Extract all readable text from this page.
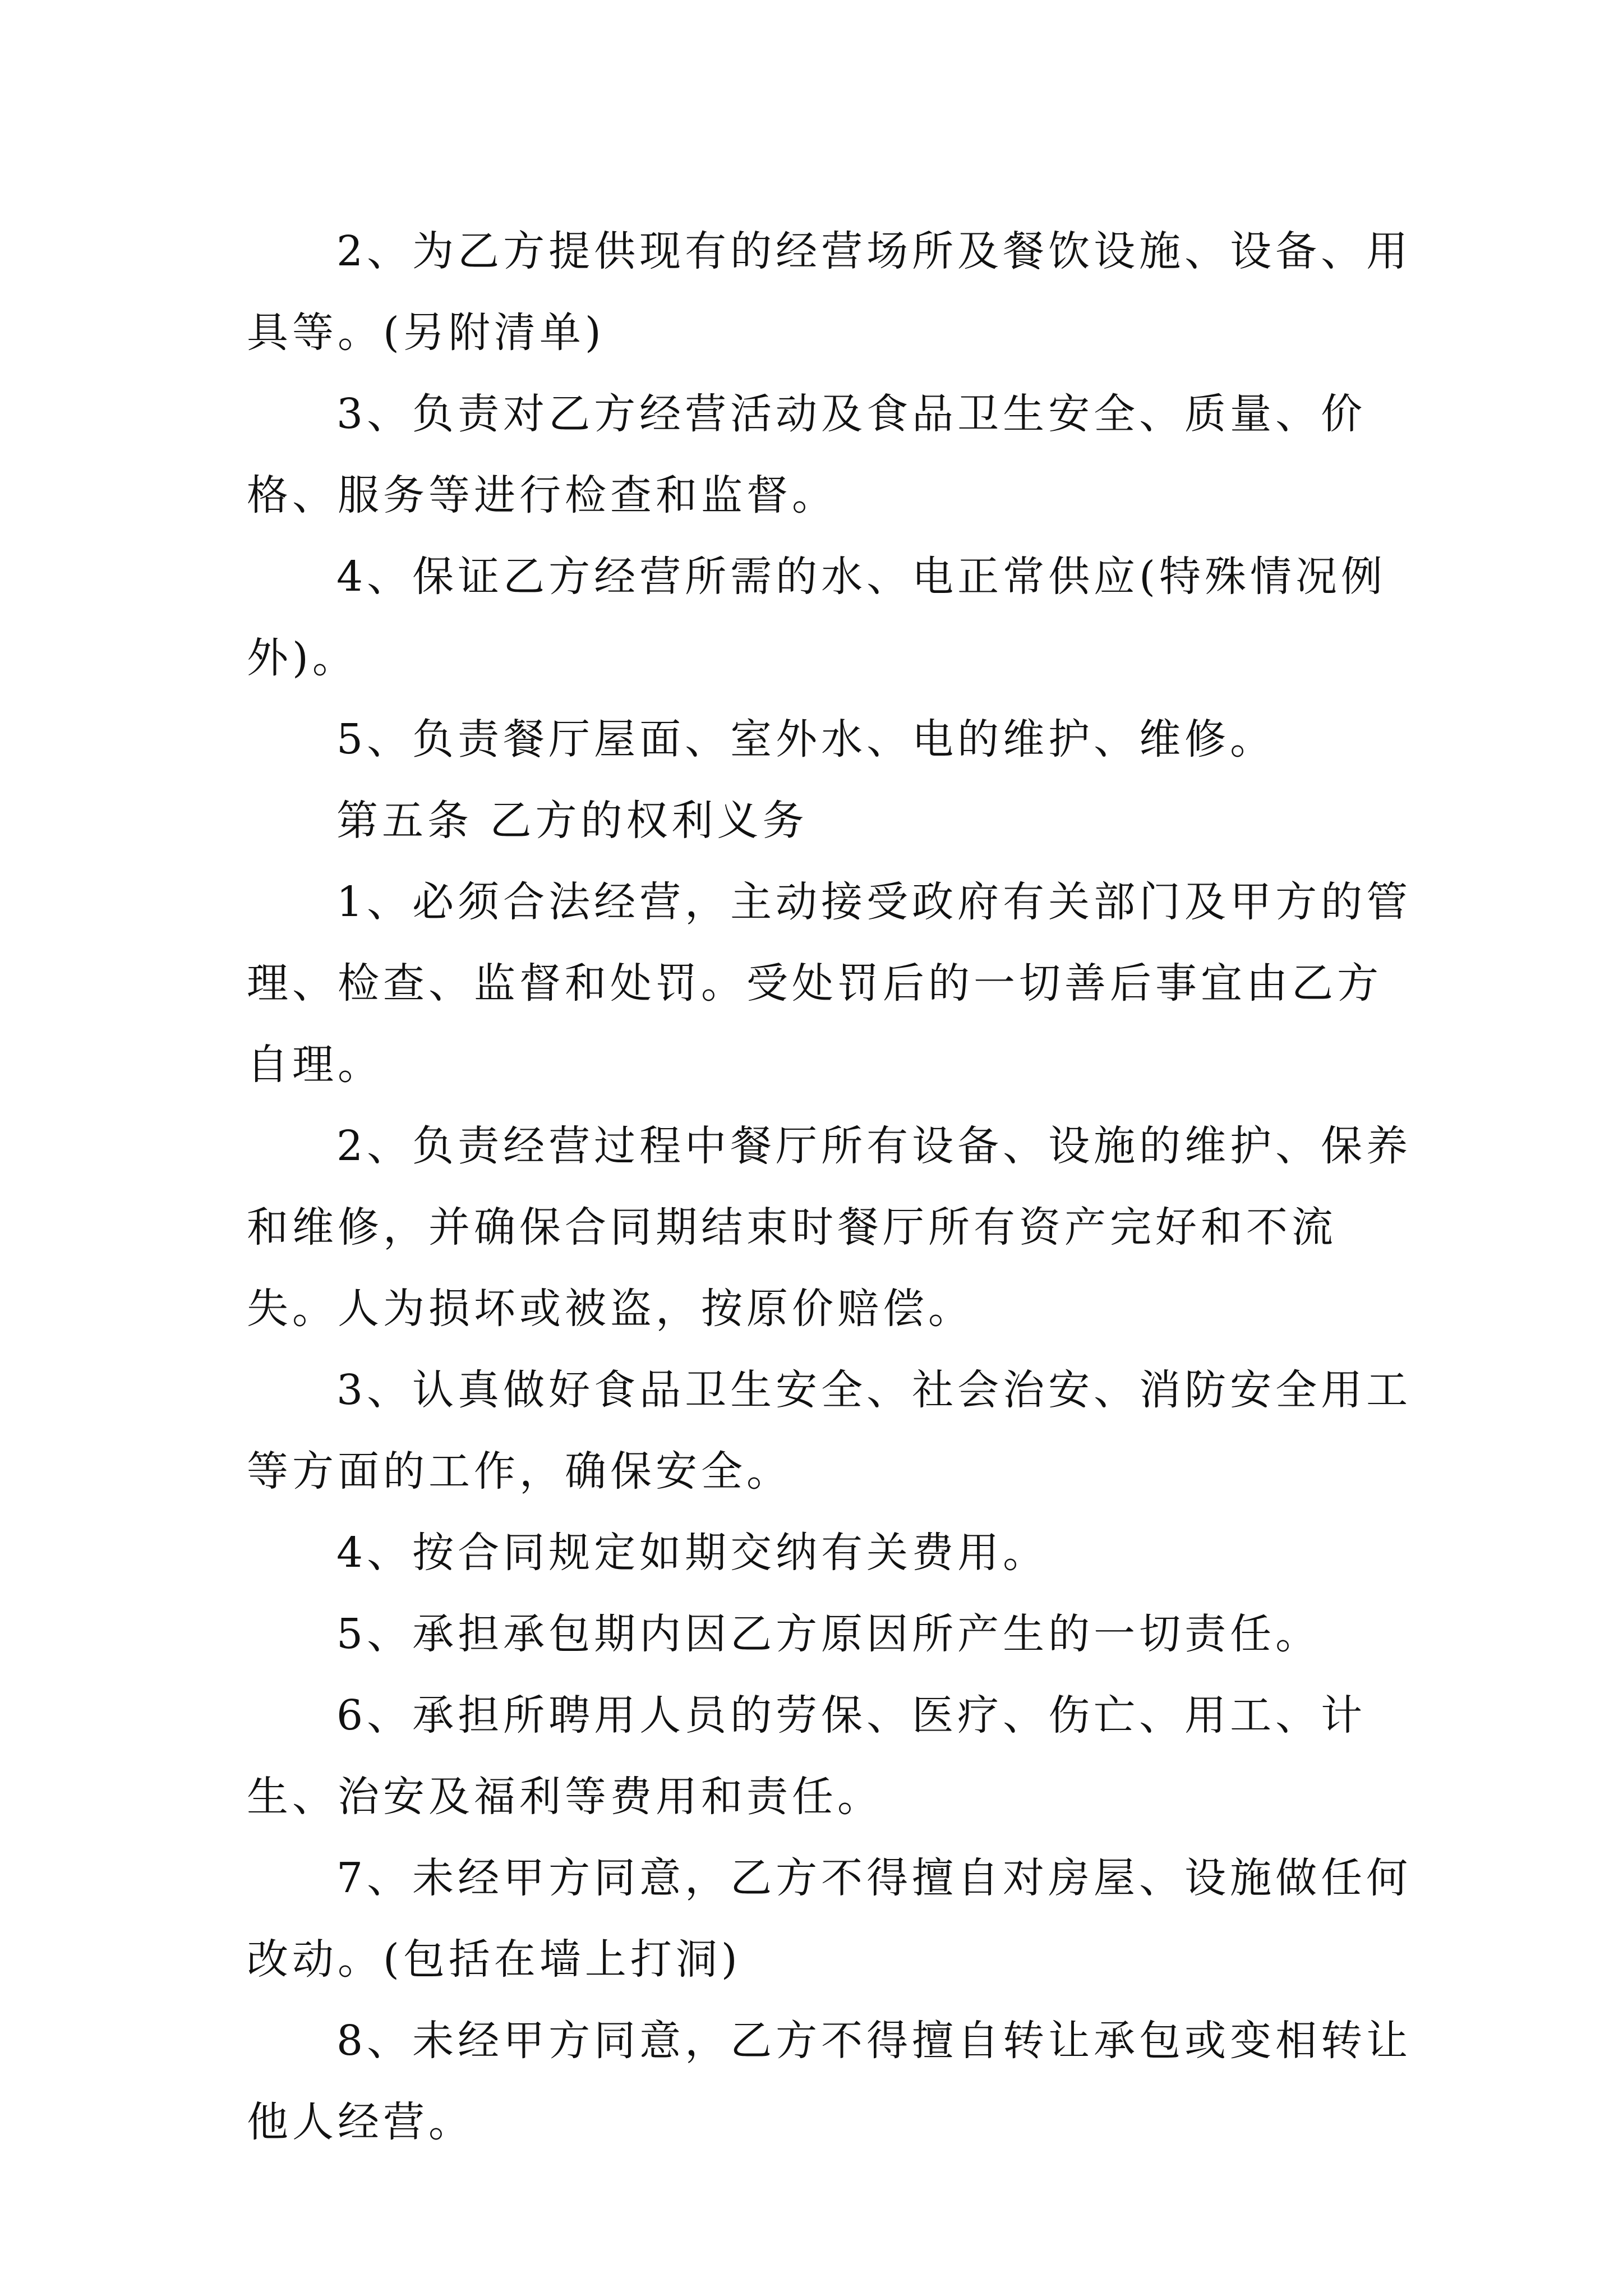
2、为乙方提供现有的经营场所及餐饮设施、设备、用具等。(另附清单)

3、负责对乙方经营活动及食品卫生安全、质量、价格、服务等进行检查和监督。

4、保证乙方经营所需的水、电正常供应(特殊情况例外)。

5、负责餐厅屋面、室外水、电的维护、维修。

第五条 乙方的权利义务

1、必须合法经营，主动接受政府有关部门及甲方的管理、检查、监督和处罚。受处罚后的一切善后事宜由乙方自理。

2、负责经营过程中餐厅所有设备、设施的维护、保养和维修，并确保合同期结束时餐厅所有资产完好和不流失。人为损坏或被盗，按原价赔偿。

3、认真做好食品卫生安全、社会治安、消防安全用工等方面的工作，确保安全。

4、按合同规定如期交纳有关费用。

5、承担承包期内因乙方原因所产生的一切责任。

6、承担所聘用人员的劳保、医疗、伤亡、用工、计生、治安及福利等费用和责任。

7、未经甲方同意，乙方不得擅自对房屋、设施做任何改动。(包括在墙上打洞)

8、未经甲方同意，乙方不得擅自转让承包或变相转让他人经营。
